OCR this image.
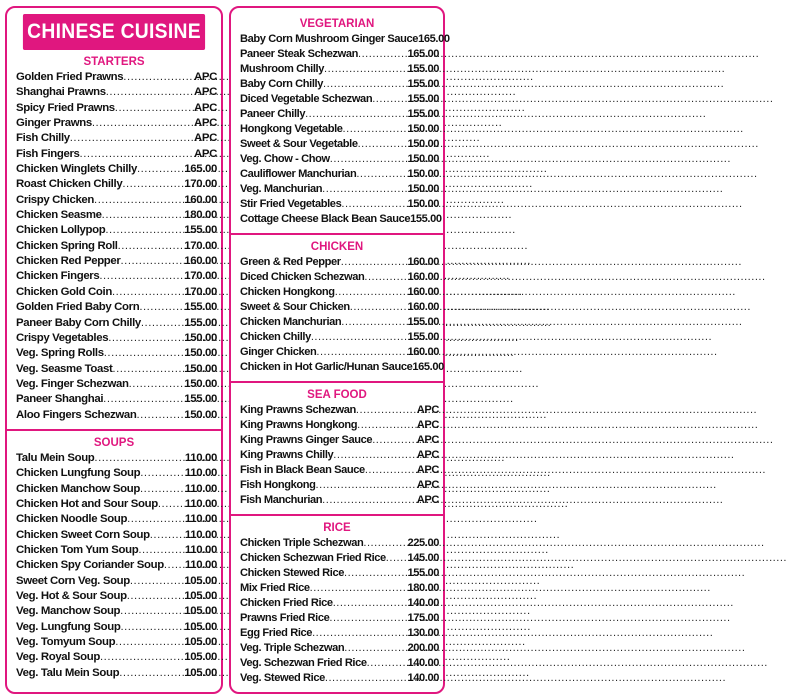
CHINESE CUISINE
STARTERS
Golden Fried Prawns .....	APC
Shanghai Prawns .....	APC
Spicy Fried Prawns .....	APC
Ginger Prawns .....	APC
Fish Chilly .....	APC
Fish Fingers .....	APC
Chicken Winglets Chilly .....	165.00
Roast Chicken Chilly .....	170.00
Crispy Chicken .....	160.00
Chicken Seasme .....	180.00
Chicken Lollypop .....	155.00
Chicken Spring Roll .....	170.00
Chicken Red Pepper .....	160.00
Chicken Fingers .....	170.00
Chicken Gold Coin .....	170.00
Golden Fried Baby Corn .....	155.00
Paneer Baby Corn Chilly .....	155.00
Crispy Vegetables .....	150.00
Veg. Spring Rolls .....	150.00
Veg. Seasme Toast .....	150.00
Veg. Finger Schezwan .....	150.00
Paneer Shanghai .....	155.00
Aloo Fingers Schezwan .....	150.00
SOUPS
Talu Mein Soup .....	110.00
Chicken Lungfung Soup .....	110.00
Chicken Manchow Soup .....	110.00
Chicken Hot and Sour Soup ..... 110.00
Chicken Noodle Soup .....	110.00
Chicken Sweet Corn Soup .....	110.00
Chicken Tom Yum Soup .....	110.00
Chicken Spy Coriander Soup ..... 110.00
Sweet Corn Veg. Soup .....	105.00
Veg. Hot & Sour Soup .....	105.00
Veg. Manchow Soup .....	105.00
Veg. Lungfung Soup .....	105.00
Veg. Tomyum Soup .....	105.00
Veg. Royal Soup .....	105.00
Veg. Talu Mein Soup .....	105.00
VEGETARIAN
Baby Corn Mushroom Ginger Sauce 165.00
Paneer Steak Schezwan .....	165.00
Mushroom Chilly .....	155.00
Baby Corn Chilly .....	155.00
Diced Vegetable Schezwan .....	155.00
Paneer Chilly .....	155.00
Hongkong Vegetable .....	150.00
Sweet & Sour Vegetable .....	150.00
Veg. Chow - Chow .....	150.00
Cauliflower Manchurian .....	150.00
Veg. Manchurian .....	150.00
Stir Fried Vegetables .....	150.00
Cottage Cheese Black Bean Sauce 155.00
CHICKEN
Green & Red Pepper .....	160.00
Diced Chicken Schezwan .....	160.00
Chicken Hongkong .....	160.00
Sweet & Sour Chicken .....	160.00
Chicken Manchurian .....	155.00
Chicken Chilly .....	155.00
Ginger Chicken .....	160.00
Chicken in Hot Garlic/Hunan Sauce 165.00
SEA FOOD
King Prawns Schezwan .....	APC
King Prawns Hongkong .....	APC
King Prawns Ginger Sauce .....	APC
King Prawns Chilly .....	APC
Fish in Black Bean Sauce .....	APC
Fish Hongkong .....	APC
Fish Manchurian .....	APC
RICE
Chicken Triple Schezwan .....	225.00
Chicken Schezwan Fried Rice ..... 145.00
Chicken Stewed Rice .....	155.00
Mix Fried Rice .....	180.00
Chicken Fried Rice .....	140.00
Prawns Fried Rice .....	175.00
Egg Fried Rice .....	130.00
Veg. Triple Schezwan .....	200.00
Veg. Schezwan Fried Rice .....	140.00
Veg. Stewed Rice .....	140.00
